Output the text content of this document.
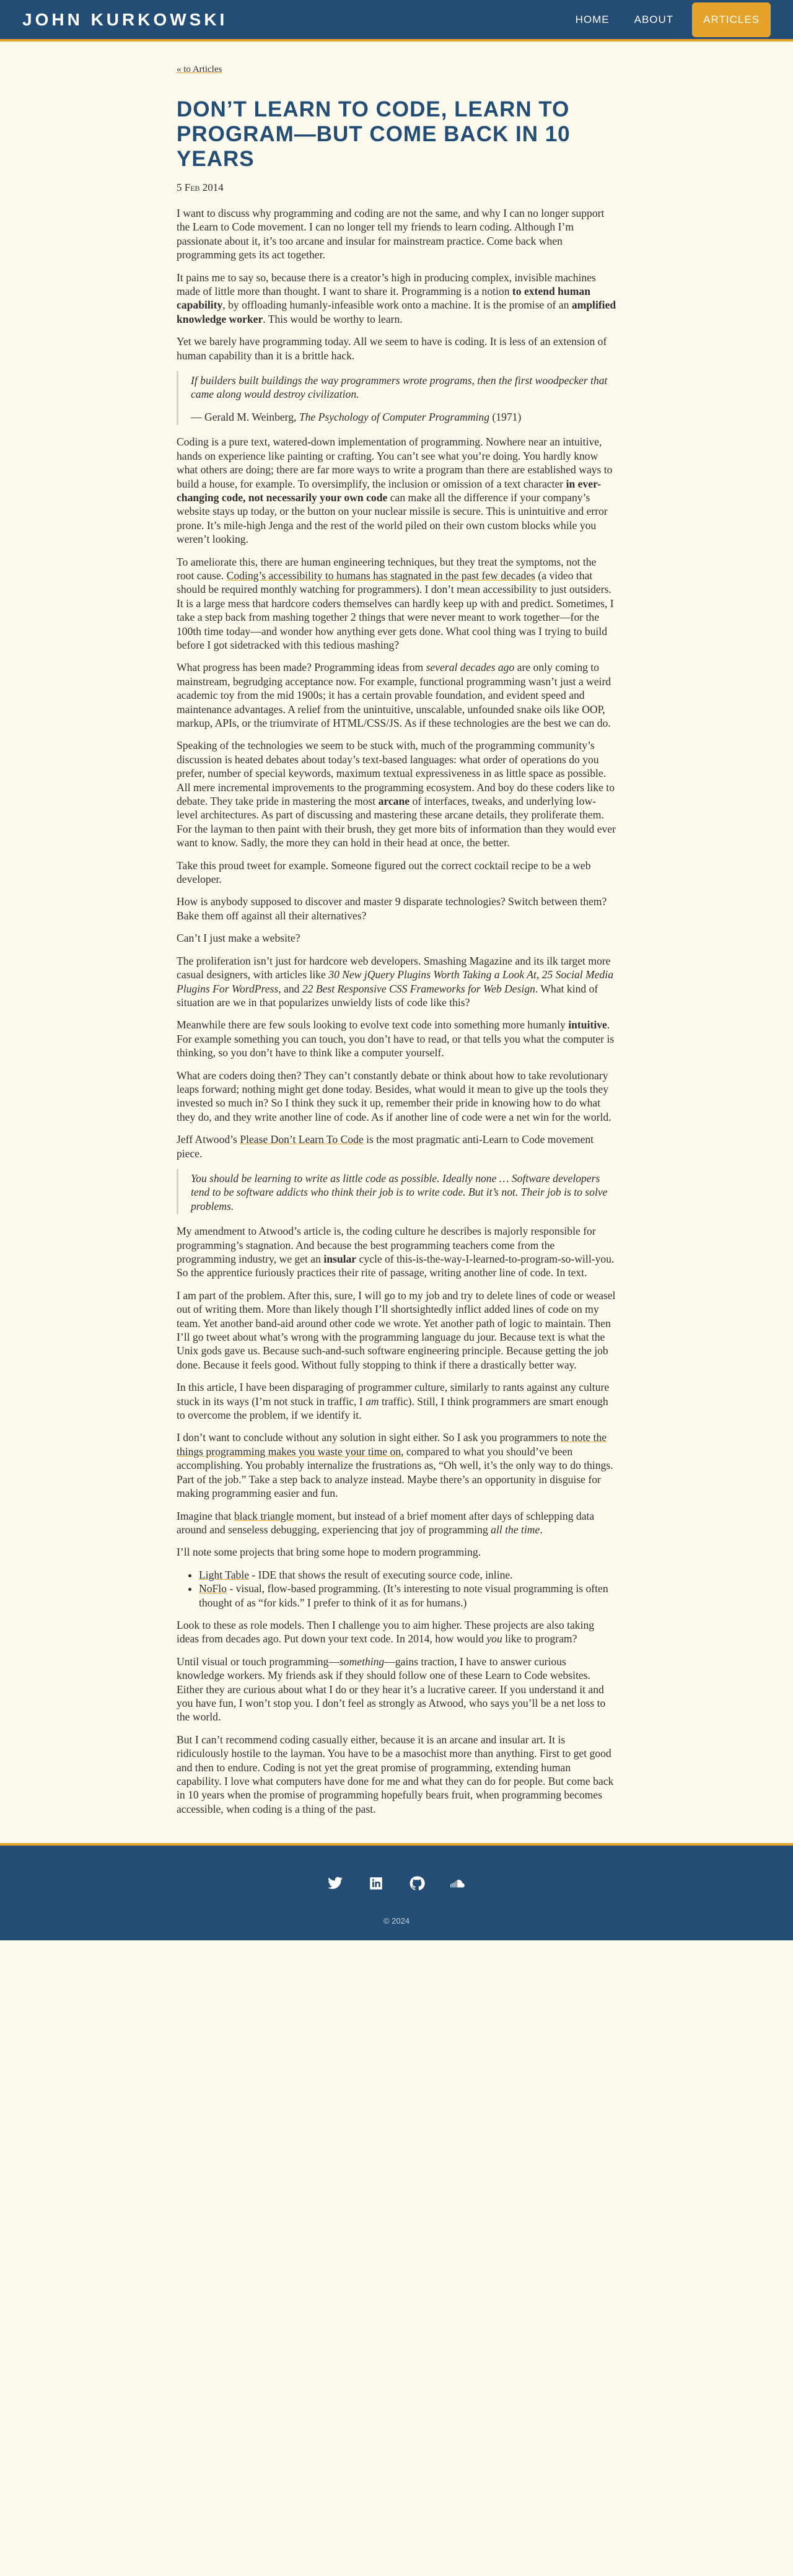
JOHN KURKOWSKI	HOME ABOUT	ARTICLES
« to Articles
DON’T LEARN TO CODE, LEARN TO PROGRAM—BUT COME BACK IN 10 YEARS

5 Feb 2014

I want to discuss why programming and coding are not the same, and why I can no longer support the Learn to Code movement. I can no longer tell my friends to learn coding. Although I’m passionate about it, it’s too arcane and insular for mainstream practice. Come back when programming gets its act together.

It pains me to say so, because there is a creator’s high in producing complex, invisible machines made of little more than thought. I want to share it. Programming is a notion to extend human capability, by offloading humanly-infeasible work onto a machine. It is the promise of an amplified knowledge worker. This would be worthy to learn.

Yet we barely have programming today. All we seem to have is coding. It is less of an extension of human capability than it is a brittle hack.

If builders built buildings the way programmers wrote programs, then the first woodpecker that came along would destroy civilization.

— Gerald M. Weinberg, The Psychology of Computer Programming (1971)

Coding is a pure text, watered-down implementation of programming. Nowhere near an intuitive, hands on experience like painting or crafting. You can’t see what you’re doing. You hardly know what others are doing; there are far more ways to write a program than there are established ways to build a house, for example. To oversimplify, the inclusion or omission of a text character in ever-changing code, not necessarily your own code can make all the difference if your company’s website stays up today, or the button on your nuclear missile is secure. This is unintuitive and error prone. It’s mile-high Jenga and the rest of the world piled on their own custom blocks while you weren’t looking.

To ameliorate this, there are human engineering techniques, but they treat the symptoms, not the root cause. Coding’s accessibility to humans has stagnated in the past few decades (a video that should be required monthly watching for programmers). I don’t mean accessibility to just outsiders. It is a large mess that hardcore coders themselves can hardly keep up with and predict. Sometimes, I take a step back from mashing together 2 things that were never meant to work together—for the 100th time today—and wonder how anything ever gets done. What cool thing was I trying to build before I got sidetracked with this tedious mashing?

What progress has been made? Programming ideas from several decades ago are only coming to mainstream, begrudging acceptance now. For example, functional programming wasn’t just a weird academic toy from the mid 1900s; it has a certain provable foundation, and evident speed and maintenance advantages. A relief from the unintuitive, unscalable, unfounded snake oils like OOP, markup, APIs, or the triumvirate of HTML/CSS/JS. As if these technologies are the best we can do.

Speaking of the technologies we seem to be stuck with, much of the programming community’s discussion is heated debates about today’s text-based languages: what order of operations do you prefer, number of special keywords, maximum textual expressiveness in as little space as possible. All mere incremental improvements to the programming ecosystem. And boy do these coders like to debate. They take pride in mastering the most arcane of interfaces, tweaks, and underlying low-level architectures. As part of discussing and mastering these arcane details, they proliferate them. For the layman to then paint with their brush, they get more bits of information than they would ever want to know. Sadly, the more they can hold in their head at once, the better.

Take this proud tweet for example. Someone figured out the correct cocktail recipe to be a web developer.

How is anybody supposed to discover and master 9 disparate technologies? Switch between them? Bake them off against all their alternatives?

Can’t I just make a website?

The proliferation isn’t just for hardcore web developers. Smashing Magazine and its ilk target more casual designers, with articles like 30 New jQuery Plugins Worth Taking a Look At, 25 Social Media Plugins For WordPress, and 22 Best Responsive CSS Frameworks for Web Design. What kind of situation are we in that popularizes unwieldy lists of code like this?

Meanwhile there are few souls looking to evolve text code into something more humanly intuitive. For example something you can touch, you don’t have to read, or that tells you what the computer is thinking, so you don’t have to think like a computer yourself.

What are coders doing then? They can’t constantly debate or think about how to take revolutionary leaps forward; nothing might get done today. Besides, what would it mean to give up the tools they invested so much in? So I think they suck it up, remember their pride in knowing how to do what they do, and they write another line of code. As if another line of code were a net win for the world.

Jeff Atwood’s Please Don’t Learn To Code is the most pragmatic anti-Learn to Code movement piece.

You should be learning to write as little code as possible. Ideally none … Software developers tend to be software addicts who think their job is to write code. But it’s not. Their job is to solve problems.

My amendment to Atwood’s article is, the coding culture he describes is majorly responsible for programming’s stagnation. And because the best programming teachers come from the programming industry, we get an insular cycle of this-is-the-way-I-learned-to-program-so-will-you. So the apprentice furiously practices their rite of passage, writing another line of code. In text.

I am part of the problem. After this, sure, I will go to my job and try to delete lines of code or weasel out of writing them. More than likely though I’ll shortsightedly inflict added lines of code on my team. Yet another band-aid around other code we wrote. Yet another path of logic to maintain. Then I’ll go tweet about what’s wrong with the programming language du jour. Because text is what the Unix gods gave us. Because such-and-such software engineering principle. Because getting the job done. Because it feels good. Without fully stopping to think if there a drastically better way.

In this article, I have been disparaging of programmer culture, similarly to rants against any culture stuck in its ways (I’m not stuck in traffic, I am traffic). Still, I think programmers are smart enough to overcome the problem, if we identify it.

I don’t want to conclude without any solution in sight either. So I ask you programmers to note the things programming makes you waste your time on, compared to what you should’ve been accomplishing. You probably internalize the frustrations as, “Oh well, it’s the only way to do things. Part of the job.” Take a step back to analyze instead. Maybe there’s an opportunity in disguise for making programming easier and fun.

Imagine that black triangle moment, but instead of a brief moment after days of schlepping data around and senseless debugging, experiencing that joy of programming all the time.

I’ll note some projects that bring some hope to modern programming.

• Light Table - IDE that shows the result of executing source code, inline.
• NoFlo - visual, flow-based programming. (It’s interesting to note visual programming is often thought of as “for kids.” I prefer to think of it as for humans.)

Look to these as role models. Then I challenge you to aim higher. These projects are also taking ideas from decades ago. Put down your text code. In 2014, how would you like to program?

Until visual or touch programming—something—gains traction, I have to answer curious knowledge workers. My friends ask if they should follow one of these Learn to Code websites. Either they are curious about what I do or they hear it’s a lucrative career. If you understand it and you have fun, I won’t stop you. I don’t feel as strongly as Atwood, who says you’ll be a net loss to the world.

But I can’t recommend coding casually either, because it is an arcane and insular art. It is ridiculously hostile to the layman. You have to be a masochist more than anything. First to get good and then to endure. Coding is not yet the great promise of programming, extending human capability. I love what computers have done for me and what they can do for people. But come back in 10 years when the promise of programming hopefully bears fruit, when programming becomes accessible, when coding is a thing of the past.

© 2024
